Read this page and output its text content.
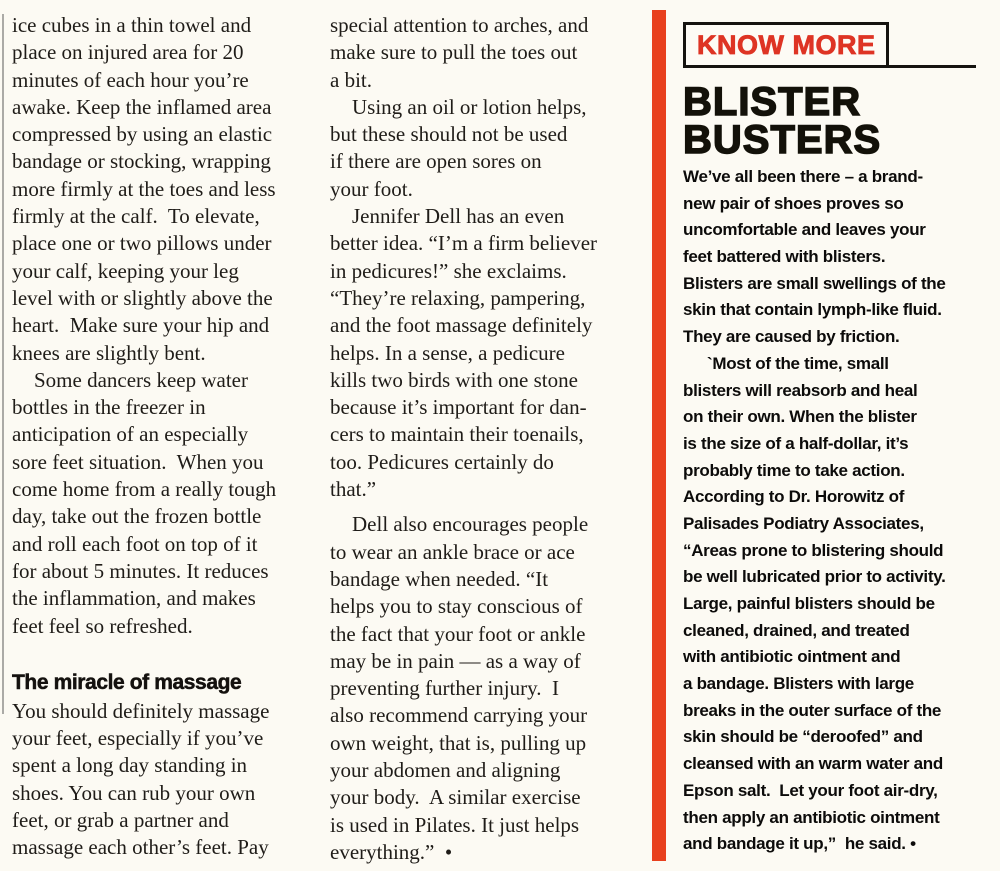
ice cubes in a thin towel and
place on injured area for 20
minutes of each hour you’re
awake. Keep the inflamed area
compressed by using an elastic
bandage or stocking, wrapping
more firmly at the toes and less
firmly at the calf.  To elevate,
place one or two pillows under
your calf, keeping your leg
level with or slightly above the
heart.  Make sure your hip and
knees are slightly bent.
Some dancers keep water
bottles in the freezer in
anticipation of an especially
sore feet situation.  When you
come home from a really tough
day, take out the frozen bottle
and roll each foot on top of it
for about 5 minutes. It reduces
the inflammation, and makes
feet feel so refreshed.
The miracle of massage
You should definitely massage
your feet, especially if you’ve
spent a long day standing in
shoes. You can rub your own
feet, or grab a partner and
massage each other’s feet. Pay
special attention to arches, and
make sure to pull the toes out
a bit.
Using an oil or lotion helps,
but these should not be used
if there are open sores on
your foot.
Jennifer Dell has an even
better idea. “I’m a firm believer
in pedicures!” she exclaims.
“They’re relaxing, pampering,
and the foot massage definitely
helps. In a sense, a pedicure
kills two birds with one stone
because it’s important for dan-
cers to maintain their toenails,
too. Pedicures certainly do
that.”
Dell also encourages people
to wear an ankle brace or ace
bandage when needed. “It
helps you to stay conscious of
the fact that your foot or ankle
may be in pain — as a way of
preventing further injury.  I
also recommend carrying your
own weight, that is, pulling up
your abdomen and aligning
your body.  A similar exercise
is used in Pilates. It just helps
everything.”  •
KNOW MORE
BLISTER
BUSTERS
We’ve all been there – a brand-
new pair of shoes proves so
uncomfortable and leaves your
feet battered with blisters.
Blisters are small swellings of the
skin that contain lymph-like fluid.
They are caused by friction.
`Most of the time, small
blisters will reabsorb and heal
on their own. When the blister
is the size of a half-dollar, it’s
probably time to take action.
According to Dr. Horowitz of
Palisades Podiatry Associates,
“Areas prone to blistering should
be well lubricated prior to activity.
Large, painful blisters should be
cleaned, drained, and treated
with antibiotic ointment and
a bandage. Blisters with large
breaks in the outer surface of the
skin should be “deroofed” and
cleansed with an warm water and
Epson salt.  Let your foot air-dry,
then apply an antibiotic ointment
and bandage it up,”  he said. •
